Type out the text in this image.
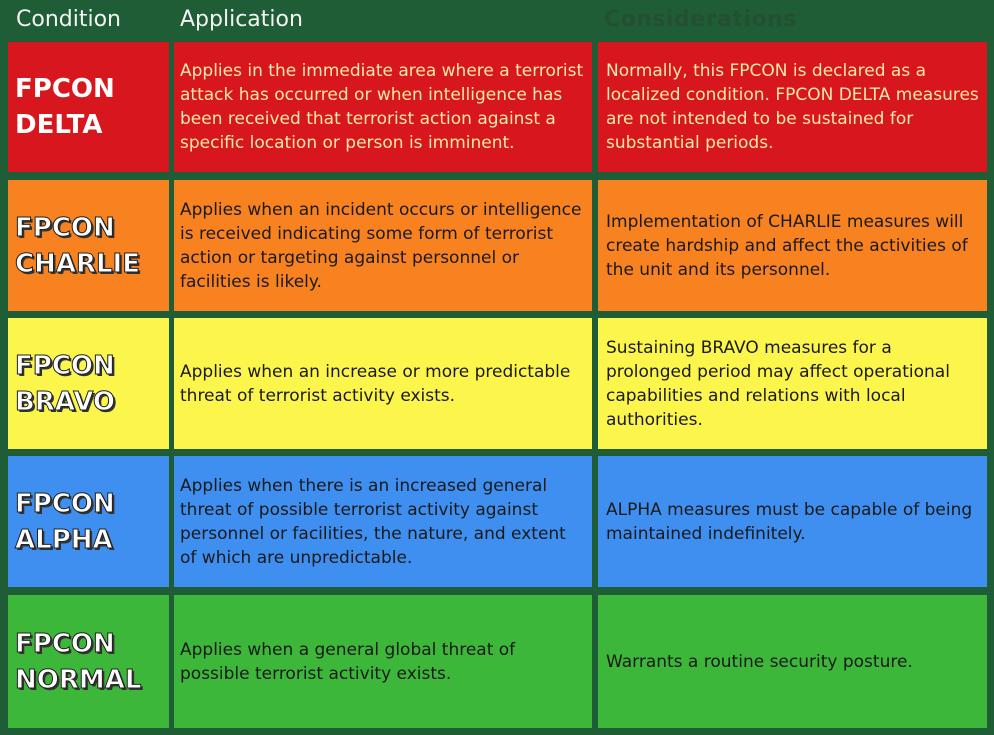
Condition	Application	Considerations
FPCON
DELTA
Applies in the immediate area where a terrorist attack has occurred or when intelligence has been received that terrorist action against a specific location or person is imminent.
Normally, this FPCON is declared as a localized condition. FPCON DELTA measures are not intended to be sustained for substantial periods.
FPCON
CHARLIE
Applies when an incident occurs or intelligence is received indicating some form of terrorist action or targeting against personnel or facilities is likely.
Implementation of CHARLIE measures will create hardship and affect the activities of the unit and its personnel.
FPCON
BRAVO
Applies when an increase or more predictable threat of terrorist activity exists.
Sustaining BRAVO measures for a prolonged period may affect operational capabilities and relations with local authorities.
FPCON
ALPHA
Applies when there is an increased general threat of possible terrorist activity against personnel or facilities, the nature, and extent of which are unpredictable.
ALPHA measures must be capable of being maintained indefinitely.
FPCON
NORMAL
Applies when a general global threat of possible terrorist activity exists.
Warrants a routine security posture.
